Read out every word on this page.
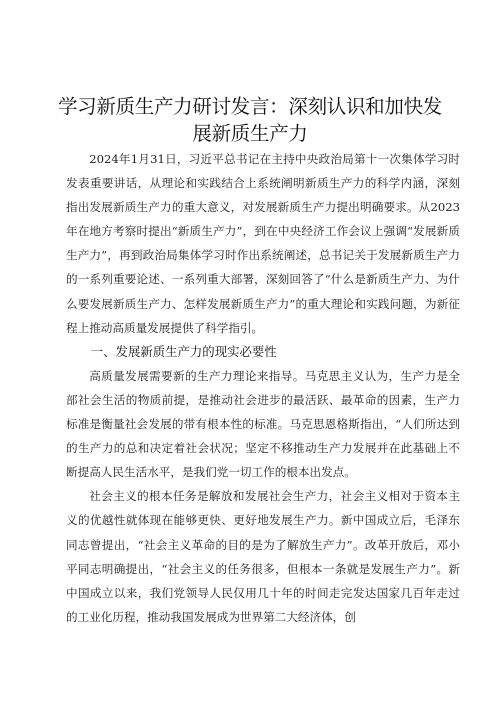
学习新质生产力研讨发言：深刻认识和加快发
展新质生产力

2024年1月31日，习近平总书记在主持中央政治局第十一次集体学习时发表重要讲话，从理论和实践结合上系统阐明新质生产力的科学内涵，深刻指出发展新质生产力的重大意义，对发展新质生产力提出明确要求。从2023年在地方考察时提出“新质生产力”，到在中央经济工作会议上强调“发展新质生产力”，再到政治局集体学习时作出系统阐述，总书记关于发展新质生产力的一系列重要论述、一系列重大部署，深刻回答了“什么是新质生产力、为什么要发展新质生产力、怎样发展新质生产力”的重大理论和实践问题，为新征程上推动高质量发展提供了科学指引。

一、发展新质生产力的现实必要性

高质量发展需要新的生产力理论来指导。马克思主义认为，生产力是全部社会生活的物质前提，是推动社会进步的最活跃、最革命的因素，生产力标准是衡量社会发展的带有根本性的标准。马克思恩格斯指出，“人们所达到的生产力的总和决定着社会状况；坚定不移推动生产力发展并在此基础上不断提高人民生活水平，是我们党一切工作的根本出发点。

社会主义的根本任务是解放和发展社会生产力，社会主义相对于资本主义的优越性就体现在能够更快、更好地发展生产力。新中国成立后，毛泽东同志曾提出，“社会主义革命的目的是为了解放生产力”。改革开放后，邓小平同志明确提出，“社会主义的任务很多，但根本一条就是发展生产力”。新中国成立以来，我们党领导人民仅用几十年的时间走完发达国家几百年走过的工业化历程，推动我国发展成为世界第二大经济体，创
